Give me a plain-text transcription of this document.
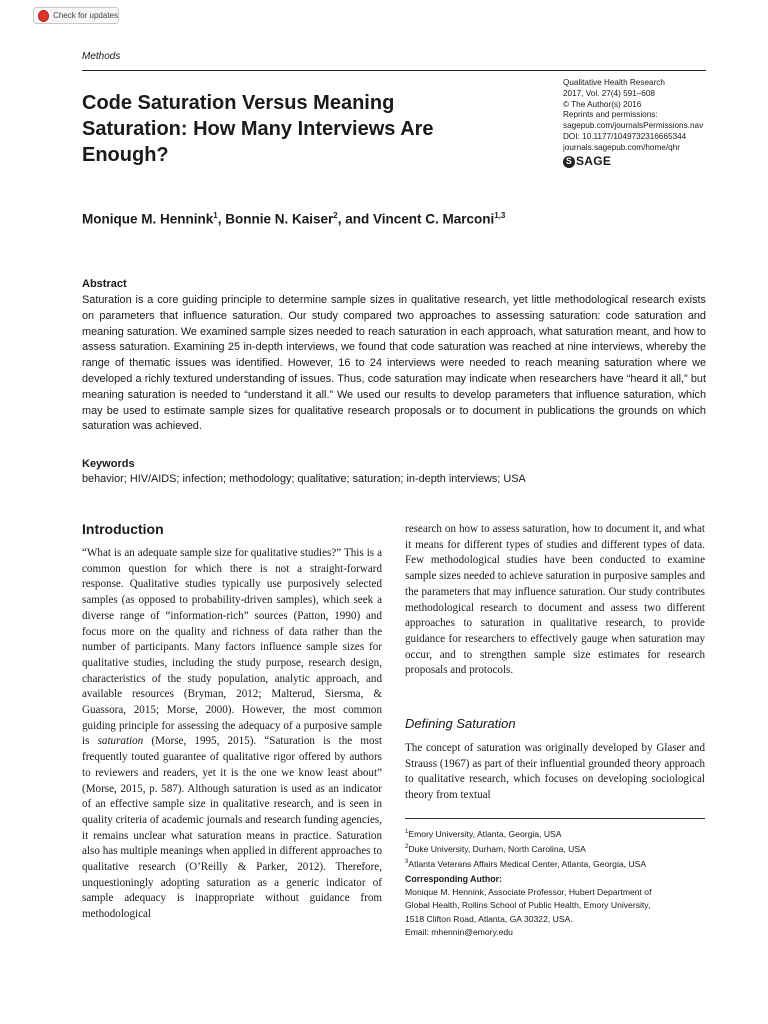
Check for updates
Methods
Code Saturation Versus Meaning Saturation: How Many Interviews Are Enough?
Qualitative Health Research
2017, Vol. 27(4) 591–608
© The Author(s) 2016
Reprints and permissions:
sagepub.com/journalsPermissions.nav
DOI: 10.1177/1049732316665344
journals.sagepub.com/home/qhr
S SAGE
Monique M. Hennink$^1$, Bonnie N. Kaiser$^2$, and Vincent C. Marconi$^{1,3}$
Abstract

Saturation is a core guiding principle to determine sample sizes in qualitative research, yet little methodological research exists on parameters that influence saturation. Our study compared two approaches to assessing saturation: code saturation and meaning saturation. We examined sample sizes needed to reach saturation in each approach, what saturation meant, and how to assess saturation. Examining 25 in-depth interviews, we found that code saturation was reached at nine interviews, whereby the range of thematic issues was identified. However, 16 to 24 interviews were needed to reach meaning saturation where we developed a richly textured understanding of issues. Thus, code saturation may indicate when researchers have “heard it all,” but meaning saturation is needed to “understand it all.” We used our results to develop parameters that influence saturation, which may be used to estimate sample sizes for qualitative research proposals or to document in publications the grounds on which saturation was achieved.

Keywords
behavior; HIV/AIDS; infection; methodology; qualitative; saturation; in-depth interviews; USA
Introduction

“What is an adequate sample size for qualitative studies?” This is a common question for which there is not a straight-forward response. Qualitative studies typically use purposively selected samples (as opposed to probability-driven samples), which seek a diverse range of “information-rich” sources (Patton, 1990) and focus more on the quality and richness of data rather than the number of participants. Many factors influence sample sizes for qualitative studies, including the study purpose, research design, characteristics of the study population, analytic approach, and available resources (Bryman, 2012; Malterud, Siersma, & Guassora, 2015; Morse, 2000). However, the most common guiding principle for assessing the adequacy of a purposive sample is saturation (Morse, 1995, 2015). “Saturation is the most frequently touted guarantee of qualitative rigor offered by authors to reviewers and readers, yet it is the one we know least about” (Morse, 2015, p. 587). Although saturation is used as an indicator of an effective sample size in qualitative research, and is seen in quality criteria of academic journals and research funding agencies, it remains unclear what saturation means in practice. Saturation also has multiple meanings when applied in different approaches to qualitative research (O’Reilly & Parker, 2012). Therefore, unquestioningly adopting saturation as a generic indicator of sample adequacy is inappropriate without guidance from methodological

research on how to assess saturation, how to document it, and what it means for different types of studies and different types of data. Few methodological studies have been conducted to examine sample sizes needed to achieve saturation in purposive samples and the parameters that may influence saturation. Our study contributes methodological research to document and assess two different approaches to saturation in qualitative research, to provide guidance for researchers to effectively gauge when saturation may occur, and to strengthen sample size estimates for research proposals and protocols.

Defining Saturation

The concept of saturation was originally developed by Glaser and Strauss (1967) as part of their influential grounded theory approach to qualitative research, which focuses on developing sociological theory from textual

$^1$Emory University, Atlanta, Georgia, USA
$^2$Duke University, Durham, North Carolina, USA
$^3$Atlanta Veterans Affairs Medical Center, Atlanta, Georgia, USA
Corresponding Author:
Monique M. Hennink, Associate Professor, Hubert Department of
Global Health, Rollins School of Public Health, Emory University,
1518 Clifton Road, Atlanta, GA 30322, USA.
Email: mhennin@emory.edu
